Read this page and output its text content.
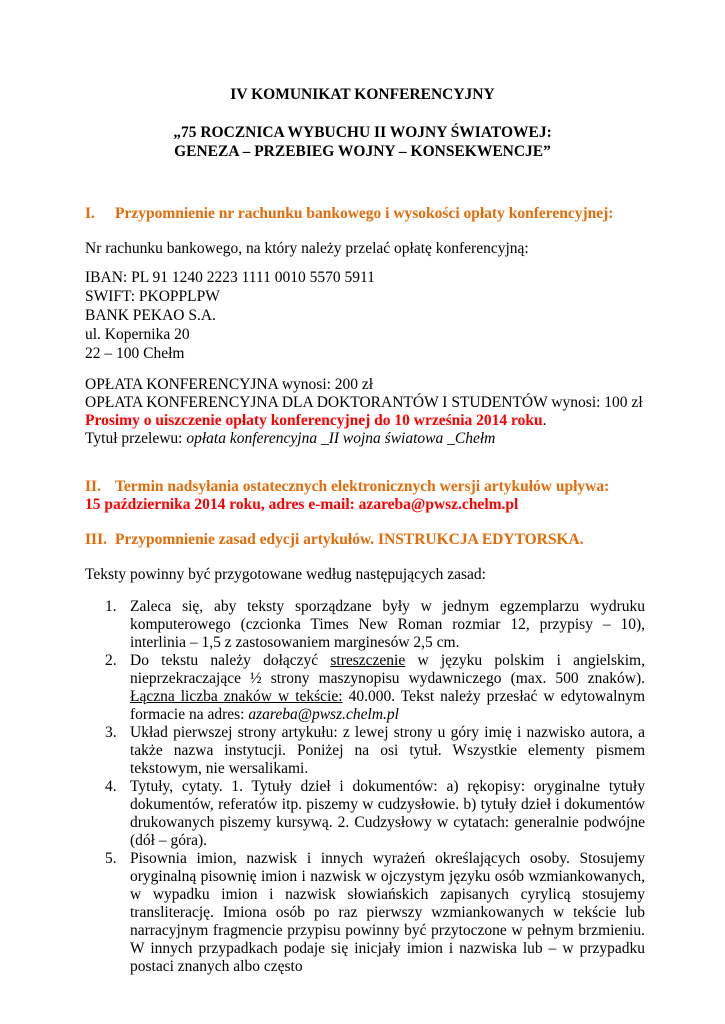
IV KOMUNIKAT KONFERENCYJNY
„75 ROCZNICA WYBUCHU II WOJNY ŚWIATOWEJ:
GENEZA – PRZEBIEG WOJNY – KONSEKWENCJE”
I. Przypomnienie nr rachunku bankowego i wysokości opłaty konferencyjnej:
Nr rachunku bankowego, na który należy przelać opłatę konferencyjną:
IBAN: PL 91 1240 2223 1111 0010 5570 5911
SWIFT: PKOPPLPW
BANK PEKAO S.A.
ul. Kopernika 20
22 – 100 Chełm
OPŁATA KONFERENCYJNA wynosi: 200 zł
OPŁATA KONFERENCYJNA DLA DOKTORANTÓW I STUDENTÓW wynosi: 100 zł
Prosimy o uiszczenie opłaty konferencyjnej do 10 września 2014 roku.
Tytuł przelewu: opłata konferencyjna _II wojna światowa _Chełm
II. Termin nadsyłania ostatecznych elektronicznych wersji artykułów upływa:
15 października 2014 roku, adres e-mail: azareba@pwsz.chelm.pl
III. Przypomnienie zasad edycji artykułów. INSTRUKCJA EDYTORSKA.
Teksty powinny być przygotowane według następujących zasad:
1. Zaleca się, aby teksty sporządzane były w jednym egzemplarzu wydruku komputerowego (czcionka Times New Roman rozmiar 12, przypisy – 10), interlinia – 1,5 z zastosowaniem marginesów 2,5 cm.
2. Do tekstu należy dołączyć streszczenie w języku polskim i angielskim, nieprzekraczające ½ strony maszynopisu wydawniczego (max. 500 znaków). Łączna liczba znaków w tekście: 40.000. Tekst należy przesłać w edytowalnym formacie na adres: azareba@pwsz.chelm.pl
3. Układ pierwszej strony artykułu: z lewej strony u góry imię i nazwisko autora, a także nazwa instytucji. Poniżej na osi tytuł. Wszystkie elementy pismem tekstowym, nie wersalikami.
4. Tytuły, cytaty. 1. Tytuły dzieł i dokumentów: a) rękopisy: oryginalne tytuły dokumentów, referatów itp. piszemy w cudzysłowie. b) tytuły dzieł i dokumentów drukowanych piszemy kursywą. 2. Cudzysłowy w cytatach: generalnie podwójne (dół – góra).
5. Pisownia imion, nazwisk i innych wyrażeń określających osoby. Stosujemy oryginalną pisownię imion i nazwisk w ojczystym języku osób wzmiankowanych, w wypadku imion i nazwisk słowiańskich zapisanych cyrylicą stosujemy transliterację. Imiona osób po raz pierwszy wzmiankowanych w tekście lub narracyjnym fragmencie przypisu powinny być przytoczone w pełnym brzmieniu. W innych przypadkach podaje się inicjały imion i nazwiska lub – w przypadku postaci znanych albo często
